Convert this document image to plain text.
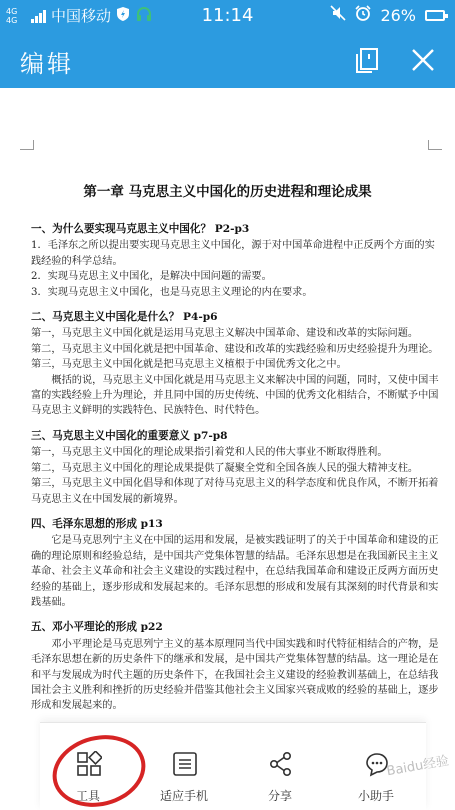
4G 4G	中国移动	11:14	26%
编辑
第一章 马克思主义中国化的历史进程和理论成果
一、为什么要实现马克思主义中国化？ P2-p3

1．毛泽东之所以提出要实现马克思主义中国化，源于对中国革命进程中正反两个方面的实践经验的科学总结。

2．实现马克思主义中国化，是解决中国问题的需要。

3．实现马克思主义中国化，也是马克思主义理论的内在要求。

二、马克思主义中国化是什么？ P4-p6

第一，马克思主义中国化就是运用马克思主义解决中国革命、建设和改革的实际问题。

第二，马克思主义中国化就是把中国革命、建设和改革的实践经验和历史经验提升为理论。

第三，马克思主义中国化就是把马克思主义植根于中国优秀文化之中。

概括的说，马克思主义中国化就是用马克思主义来解决中国的问题，同时，又使中国丰富的实践经验上升为理论，并且同中国的历史传统、中国的优秀文化相结合，不断赋予中国马克思主义鲜明的实践特色、民族特色、时代特色。

三、马克思主义中国化的重要意义 p7-p8

第一，马克思主义中国化的理论成果指引着党和人民的伟大事业不断取得胜利。

第二，马克思主义中国化的理论成果提供了凝聚全党和全国各族人民的强大精神支柱。

第三，马克思主义中国化倡导和体现了对待马克思主义的科学态度和优良作风，不断开拓着马克思主义在中国发展的新境界。

四、毛泽东思想的形成 p13

它是马克思列宁主义在中国的运用和发展，是被实践证明了的关于中国革命和建设的正确的理论原则和经验总结，是中国共产党集体智慧的结晶。毛泽东思想是在我国新民主主义革命、社会主义革命和社会主义建设的实践过程中，在总结我国革命和建设正反两方面历史经验的基础上，逐步形成和发展起来的。毛泽东思想的形成和发展有其深刻的时代背景和实践基础。

五、邓小平理论的形成 p22

邓小平理论是马克思列宁主义的基本原理同当代中国实践和时代特征相结合的产物，是毛泽东思想在新的历史条件下的继承和发展，是中国共产党集体智慧的结晶。这一理论是在和平与发展成为时代主题的历史条件下，在我国社会主义建设的经验教训基础上，在总结我国社会主义胜利和挫折的历史经验并借鉴其他社会主义国家兴衰成败的经验的基础上，逐步形成和发展起来的。

工具	适应手机	分享	小助手
Baidu经验
